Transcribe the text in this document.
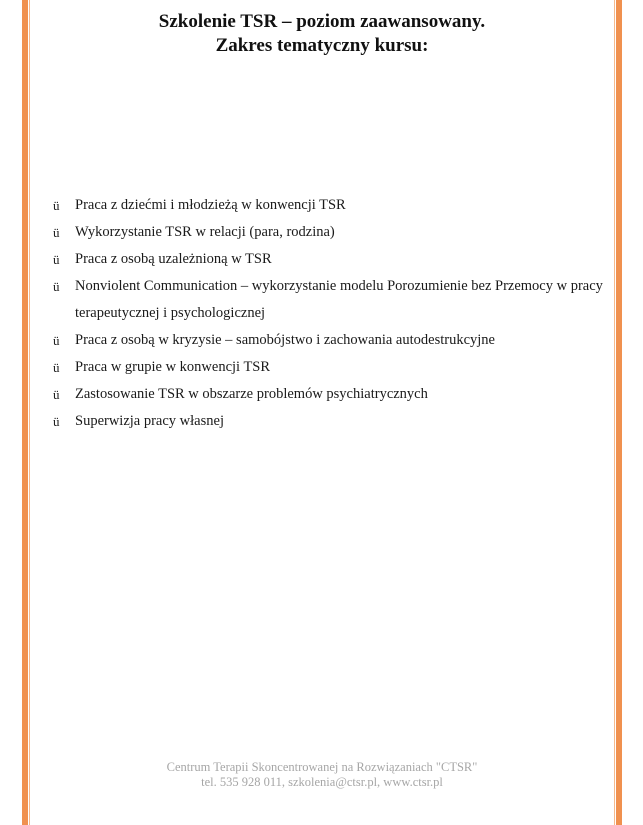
Szkolenie TSR – poziom zaawansowany.
Zakres tematyczny kursu:
ü Praca z dziećmi i młodzieżą w konwencji TSR
ü Wykorzystanie TSR w relacji (para, rodzina)
ü Praca z osobą uzależnioną w TSR
ü Nonviolent Communication – wykorzystanie modelu Porozumienie bez Przemocy w pracy terapeutycznej i psychologicznej
ü Praca z osobą w kryzysie – samobójstwo i zachowania autodestrukcyjne
ü Praca w grupie w konwencji TSR
ü Zastosowanie TSR w obszarze problemów psychiatrycznych
ü Superwizja pracy własnej
Centrum Terapii Skoncentrowanej na Rozwiązaniach "CTSR"
tel. 535 928 011, szkolenia@ctsr.pl, www.ctsr.pl
